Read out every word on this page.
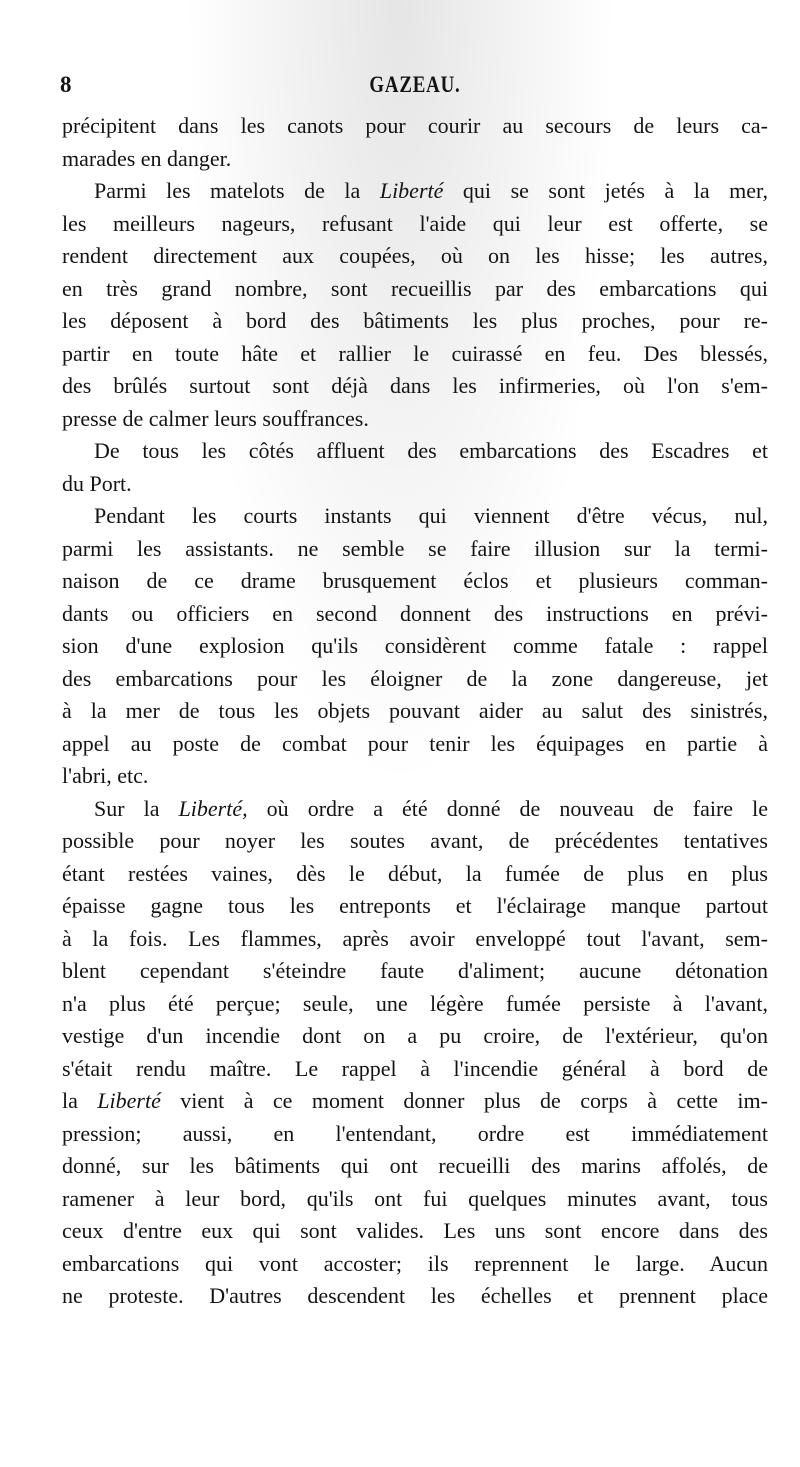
8	GAZEAU.
précipitent dans les canots pour courir au secours de leurs ca-
marades en danger.
Parmi les matelots de la Liberté qui se sont jetés à la mer,
les meilleurs nageurs, refusant l'aide qui leur est offerte, se
rendent directement aux coupées, où on les hisse; les autres,
en très grand nombre, sont recueillis par des embarcations qui
les déposent à bord des bâtiments les plus proches, pour re-
partir en toute hâte et rallier le cuirassé en feu. Des blessés,
des brûlés surtout sont déjà dans les infirmeries, où l'on s'em-
presse de calmer leurs souffrances.
De tous les côtés affluent des embarcations des Escadres et
du Port.
Pendant les courts instants qui viennent d'être vécus, nul,
parmi les assistants. ne semble se faire illusion sur la termi-
naison de ce drame brusquement éclos et plusieurs comman-
dants ou officiers en second donnent des instructions en prévi-
sion d'une explosion qu'ils considèrent comme fatale : rappel
des embarcations pour les éloigner de la zone dangereuse, jet
à la mer de tous les objets pouvant aider au salut des sinistrés,
appel au poste de combat pour tenir les équipages en partie à
l'abri, etc.
Sur la Liberté, où ordre a été donné de nouveau de faire le
possible pour noyer les soutes avant, de précédentes tentatives
étant restées vaines, dès le début, la fumée de plus en plus
épaisse gagne tous les entreponts et l'éclairage manque partout
à la fois. Les flammes, après avoir enveloppé tout l'avant, sem-
blent cependant s'éteindre faute d'aliment; aucune détonation
n'a plus été perçue; seule, une légère fumée persiste à l'avant,
vestige d'un incendie dont on a pu croire, de l'extérieur, qu'on
s'était rendu maître. Le rappel à l'incendie général à bord de
la Liberté vient à ce moment donner plus de corps à cette im-
pression; aussi, en l'entendant, ordre est immédiatement
donné, sur les bâtiments qui ont recueilli des marins affolés, de
ramener à leur bord, qu'ils ont fui quelques minutes avant, tous
ceux d'entre eux qui sont valides. Les uns sont encore dans des
embarcations qui vont accoster; ils reprennent le large. Aucun
ne proteste. D'autres descendent les échelles et prennent place
